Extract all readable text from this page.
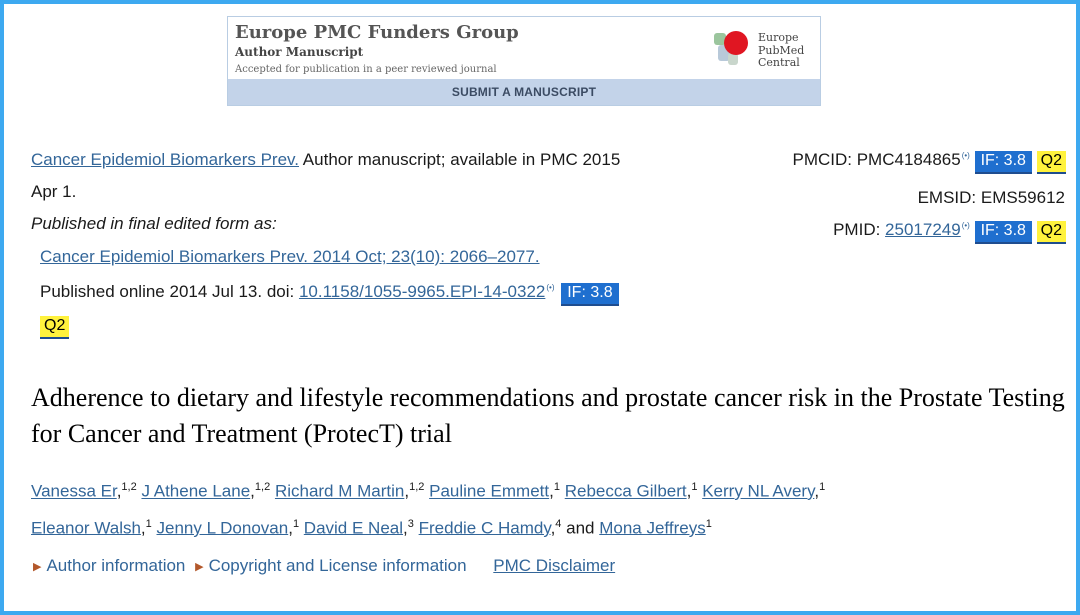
Europe PMC Funders Group
Author Manuscript
Accepted for publication in a peer reviewed journal
Europe
PubMed
Central
SUBMIT A MANUSCRIPT
Cancer Epidemiol Biomarkers Prev. Author manuscript; available in PMC 2015
Apr 1.
Published in final edited form as:
Cancer Epidemiol Biomarkers Prev. 2014 Oct; 23(10): 2066–2077.
Published online 2014 Jul 13. doi: 10.1158/1055-9965.EPI-14-0322(•) IF: 3.8
Q2
PMCID: PMC4184865(•) IF: 3.8 Q2
EMSID: EMS59612
PMID: 25017249(•) IF: 3.8 Q2
Adherence to dietary and lifestyle recommendations and prostate cancer risk in the Prostate Testing for Cancer and Treatment (ProtecT) trial
Vanessa Er,$^{1,2}$ J Athene Lane,$^{1,2}$ Richard M Martin,$^{1,2}$ Pauline Emmett,$^1$ Rebecca Gilbert,$^1$ Kerry NL Avery,$^1$
Eleanor Walsh,$^1$ Jenny L Donovan,$^1$ David E Neal,$^3$ Freddie C Hamdy,$^4$ and Mona Jeffreys$^1$
▶ Author information ▶ Copyright and License information PMC Disclaimer
